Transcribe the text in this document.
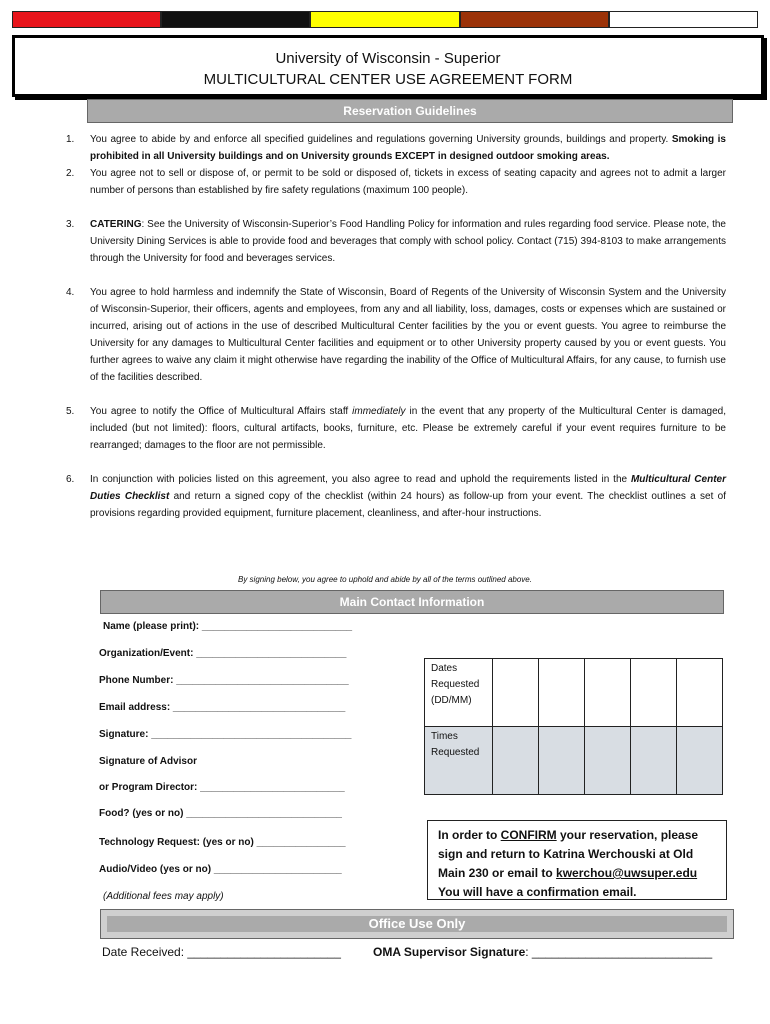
University of Wisconsin - Superior
MULTICULTURAL CENTER USE AGREEMENT FORM
Reservation Guidelines
1.	You agree to abide by and enforce all specified guidelines and regulations governing University grounds, buildings and property. Smoking is prohibited in all University buildings and on University grounds EXCEPT in designed outdoor smoking areas.
2.	You agree not to sell or dispose of, or permit to be sold or disposed of, tickets in excess of seating capacity and agrees not to admit a larger number of persons than established by fire safety regulations (maximum 100 people).
3.	CATERING: See the University of Wisconsin-Superior’s Food Handling Policy for information and rules regarding food service. Please note, the University Dining Services is able to provide food and beverages that comply with school policy. Contact (715) 394-8103 to make arrangements through the University for food and beverages services.
4.	You agree to hold harmless and indemnify the State of Wisconsin, Board of Regents of the University of Wisconsin System and the University of Wisconsin-Superior, their officers, agents and employees, from any and all liability, loss, damages, costs or expenses which are sustained or incurred, arising out of actions in the use of described Multicultural Center facilities by the you or event guests. You agree to reimburse the University for any damages to Multicultural Center facilities and equipment or to other University property caused by you or event guests. You further agrees to waive any claim it might otherwise have regarding the inability of the Office of Multicultural Affairs, for any cause, to furnish use of the facilities described.
5.	You agree to notify the Office of Multicultural Affairs staff immediately in the event that any property of the Multicultural Center is damaged, included (but not limited): floors, cultural artifacts, books, furniture, etc. Please be extremely careful if your event requires furniture to be rearranged; damages to the floor are not permissible.
6.	In conjunction with policies listed on this agreement, you also agree to read and uphold the requirements listed in the Multicultural Center Duties Checklist and return a signed copy of the checklist (within 24 hours) as follow-up from your event. The checklist outlines a set of provisions regarding provided equipment, furniture placement, cleanliness, and after-hour instructions.
By signing below, you agree to uphold and abide by all of the terms outlined above.
Main Contact Information
Name (please print): ___________________________
Organization/Event: ___________________________
Phone Number: _______________________________
Email address: _______________________________
Signature: ____________________________________
Signature of Advisor
or Program Director: __________________________
Food? (yes or no) ____________________________
Technology Request: (yes or no) ________________
Audio/Video (yes or no) _______________________
(Additional fees may apply)
Dates Requested (DD/MM)					
Times Requested					
In order to CONFIRM your reservation, please sign and return to Katrina Werchouski at Old Main 230 or email to kwerchou@uwsuper.edu You will have a confirmation email.
Office Use Only
Date Received: _______________________	OMA Supervisor Signature: ___________________________
